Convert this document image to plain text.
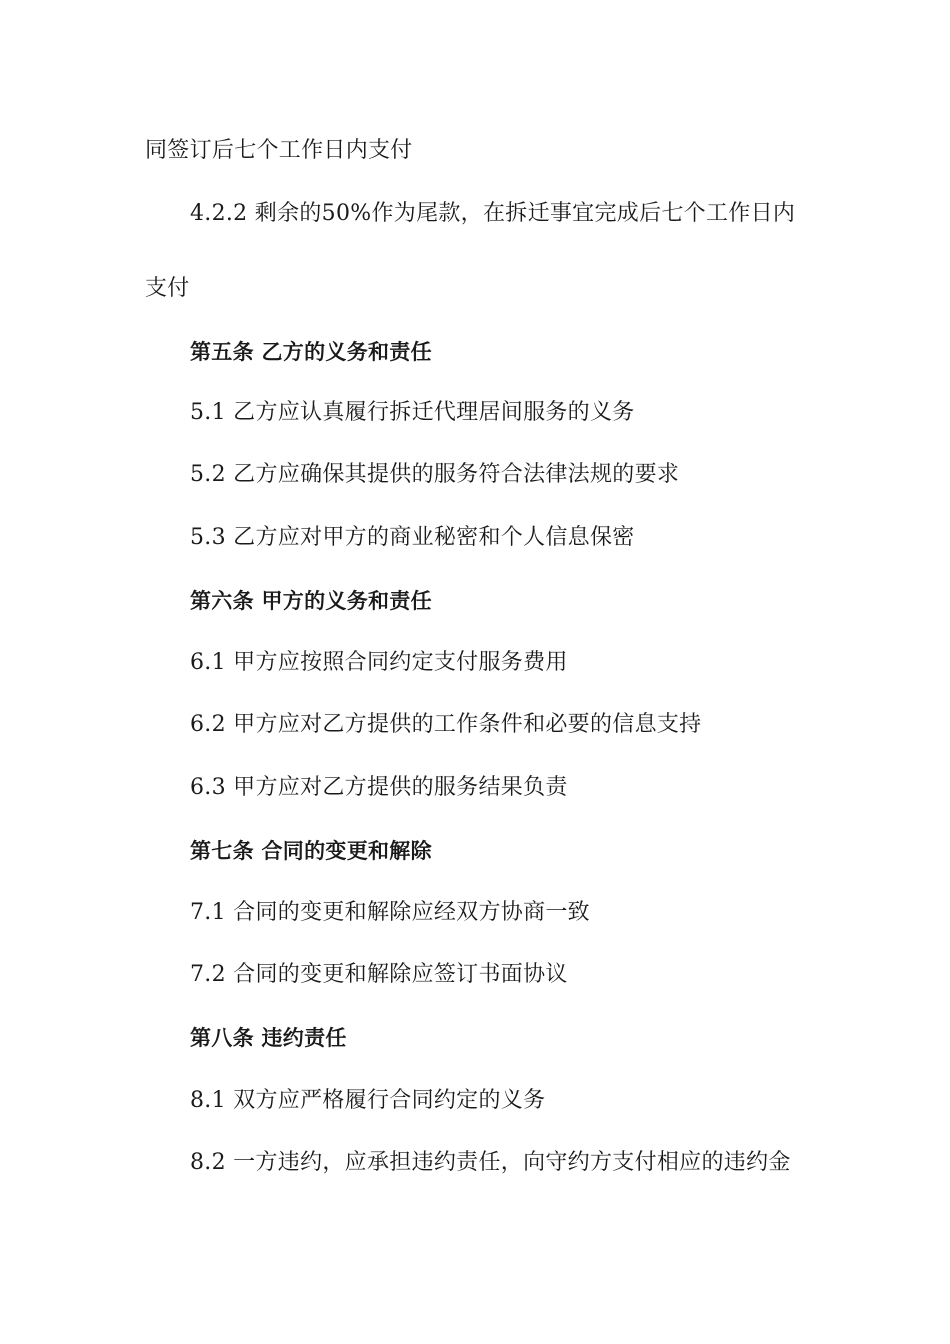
同签订后七个工作日内支付
4.2.2 剩余的50%作为尾款，在拆迁事宜完成后七个工作日内
支付
第五条 乙方的义务和责任
5.1 乙方应认真履行拆迁代理居间服务的义务
5.2 乙方应确保其提供的服务符合法律法规的要求
5.3 乙方应对甲方的商业秘密和个人信息保密
第六条 甲方的义务和责任
6.1 甲方应按照合同约定支付服务费用
6.2 甲方应对乙方提供的工作条件和必要的信息支持
6.3 甲方应对乙方提供的服务结果负责
第七条 合同的变更和解除
7.1 合同的变更和解除应经双方协商一致
7.2 合同的变更和解除应签订书面协议
第八条 违约责任
8.1 双方应严格履行合同约定的义务
8.2 一方违约，应承担违约责任，向守约方支付相应的违约金
